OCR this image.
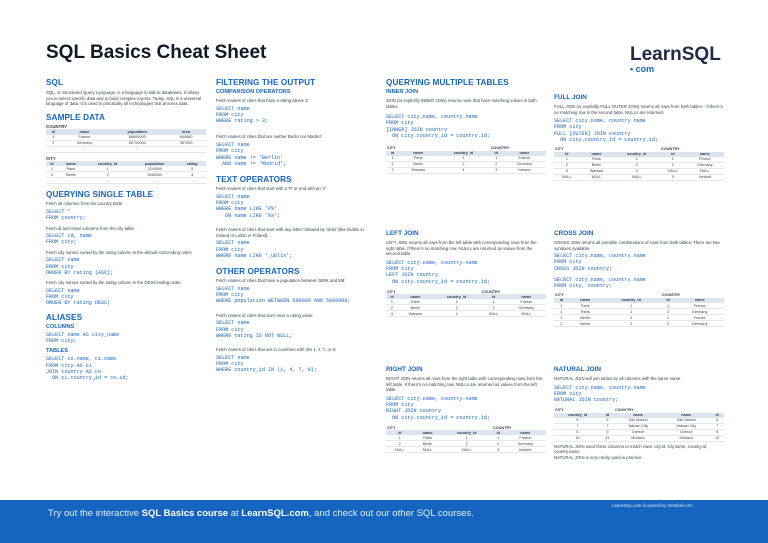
SQL Basics Cheat Sheet	LearnSQL
• com
SQL
SQL, or Structured Query Language, is a language to talk to databases. It allows you to select specific data and to build complex reports. Today, SQL is a universal language of data. It is used in practically all technologies that process data.
SAMPLE DATA
COUNTRY
id	name	population	area
1	France	66600000	640680
2	Germany	80700000	357000
...	...	...	...
CITY
id	name	country_id	population	rating
1	Paris	1	2243000	5
2	Berlin	2	3460000	3
...	...	...	...	...
QUERYING SINGLE TABLE
Fetch all columns from the country table:
SELECT *
FROM country;
Fetch id and name columns from the city table:
SELECT id, name
FROM city;
Fetch city names sorted by the rating column in the default ASCending order:
SELECT name
FROM city
ORDER BY rating [ASC];
Fetch city names sorted by the rating column in the DESCending order:
SELECT name
FROM city
ORDER BY rating DESC;
ALIASES
COLUMNS
SELECT name AS city_name
FROM city;
TABLES
SELECT co.name, ci.name
FROM city AS ci
JOIN country AS co
ON ci.country_id = co.id;
FILTERING THE OUTPUT
COMPARISON OPERATORS
Fetch names of cities that have a rating above 3:
SELECT name
FROM city
WHERE rating > 3;
Fetch names of cities that are neither Berlin nor Madrid:
SELECT name
FROM city
WHERE name != 'Berlin'
AND name != 'Madrid';
TEXT OPERATORS
Fetch names of cities that start with a 'P' or end with an 's':
SELECT name
FROM city
WHERE name LIKE 'P%'
OR name LIKE '%s';
Fetch names of cities that start with any letter followed by 'ublin' (like Dublin in Ireland or Lublin in Poland):
SELECT name
FROM city
WHERE name LIKE '_ublin';
OTHER OPERATORS
Fetch names of cities that have a population between 500K and 5M:
SELECT name
FROM city
WHERE population BETWEEN 500000 AND 5000000;
Fetch names of cities that don't miss a rating value:
SELECT name
FROM city
WHERE rating IS NOT NULL;
Fetch names of cities that are in countries with IDs 1, 4, 7, or 8:
SELECT name
FROM city
WHERE country_id IN (1, 4, 7, 8);
QUERYING MULTIPLE TABLES
INNER JOIN
JOIN (or explicitly INNER JOIN) returns rows that have matching values in both tables.
SELECT city.name, country.name
FROM city
[INNER] JOIN country
ON city.country_id = country.id;
CITY			COUNTRY	
id	name	country_id	id	name
1	Paris	1	1	France
2	Berlin	2	2	Germany
3	Warsaw	4	3	Iceland
LEFT JOIN
LEFT JOIN returns all rows from the left table with corresponding rows from the right table. If there's no matching row, NULLs are returned as values from the second table.
SELECT city.name, country.name
FROM city
LEFT JOIN country
ON city.country_id = country.id;
CITY			COUNTRY	
id	name	country_id	id	name
1	Paris	1	1	France
2	Berlin	2	2	Germany
3	Warsaw	4	NULL	NULL
RIGHT JOIN
RIGHT JOIN returns all rows from the right table with corresponding rows from the left table. If there's no matching row, NULLs are returned as values from the left table.
SELECT city.name, country.name
FROM city
RIGHT JOIN country
ON city.country_id = country.id;
CITY			COUNTRY	
id	name	country_id	id	name
1	Paris	1	1	France
2	Berlin	2	2	Germany
NULL	NULL	NULL	3	Iceland
FULL JOIN
FULL JOIN (or explicitly FULL OUTER JOIN) returns all rows from both tables – if there's no matching row in the second table, NULLs are returned.
SELECT city.name, country.name
FROM city
FULL [OUTER] JOIN country
ON city.country_id = country.id;
CITY			COUNTRY	
id	name	country_id	id	name
1	Paris	1	1	France
2	Berlin	2	2	Germany
3	Warsaw	4	NULL	NULL
NULL	NULL	NULL	3	Iceland
CROSS JOIN
CROSS JOIN returns all possible combinations of rows from both tables. There are two syntaxes available.
SELECT city.name, country.name
FROM city
CROSS JOIN country;
SELECT city.name, country.name
FROM city, country;
CITY			COUNTRY	
id	name	country_id	id	name
1	Paris	1	1	France
1	Paris	1	2	Germany
2	Berlin	2	1	France
2	Berlin	2	2	Germany
NATURAL JOIN
NATURAL JOIN will join tables by all columns with the same name.
SELECT city.name, country.name
FROM city
NATURAL JOIN country;
CITY		COUNTRY		
country_id	id	name	name	id
6	6	San Marino	San Marino	6
7	7	Vatican City	Vatican City	7
5	9	Greece	Greece	9
10	11	Monaco	Monaco	10
NATURAL JOIN used these columns to match rows: city.id, city.name, country.id, country.name
NATURAL JOIN is very rarely used in practice.
Try out the interactive SQL Basics course at LearnSQL.com, and check out our other SQL courses.
LearnSQL.com is owned by Vertabelo SA
